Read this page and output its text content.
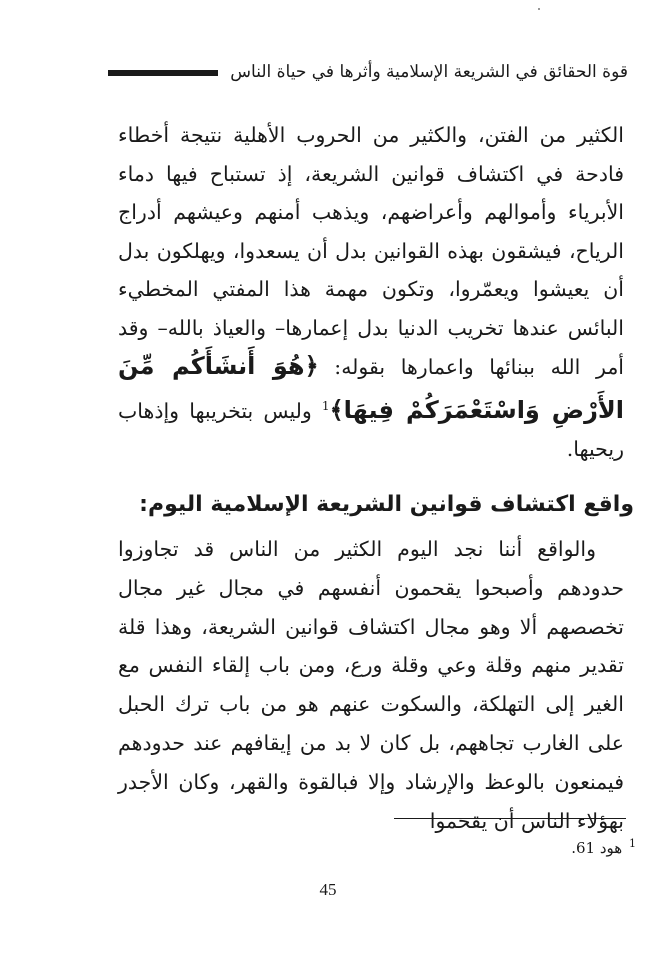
قوة الحقائق في الشريعة الإسلامية وأثرها في حياة الناس

الكثير من الفتن، والكثير من الحروب الأهلية نتيجة أخطاء فادحة في اكتشاف قوانين الشريعة، إذ تستباح فيها دماء الأبرياء وأموالهم وأعراضهم، ويذهب أمنهم وعيشهم أدراج الرياح، فيشقون بهذه القوانين بدل أن يسعدوا، ويهلكون بدل أن يعيشوا ويعمّروا، وتكون مهمة هذا المفتي المخطيء البائس عندها تخريب الدنيا بدل إعمارها– والعياذ بالله– وقد أمر الله ببنائها واعمارها بقوله: ﴿هُوَ أَنشَأَكُم مِّنَ الأَرْضِ وَاسْتَعْمَرَكُمْ فِيهَا﴾$^1$ وليس بتخريبها وإذهاب ريحيها.

واقع اكتشاف قوانين الشريعة الإسلامية اليوم:

والواقع أننا نجد اليوم الكثير من الناس قد تجاوزوا حدودهم وأصبحوا يقحمون أنفسهم في مجال غير مجال تخصصهم ألا وهو مجال اكتشاف قوانين الشريعة، وهذا قلة تقدير منهم وقلة وعي وقلة ورع، ومن باب إلقاء النفس مع الغير إلى التهلكة، والسكوت عنهم هو من باب ترك الحبل على الغارب تجاههم، بل كان لا بد من إيقافهم عند حدودهم فيمنعون بالوعظ والإرشاد وإلا فبالقوة والقهر، وكان الأجدر بهؤلاء الناس أن يقحموا

$^1$ هود 61.
45
